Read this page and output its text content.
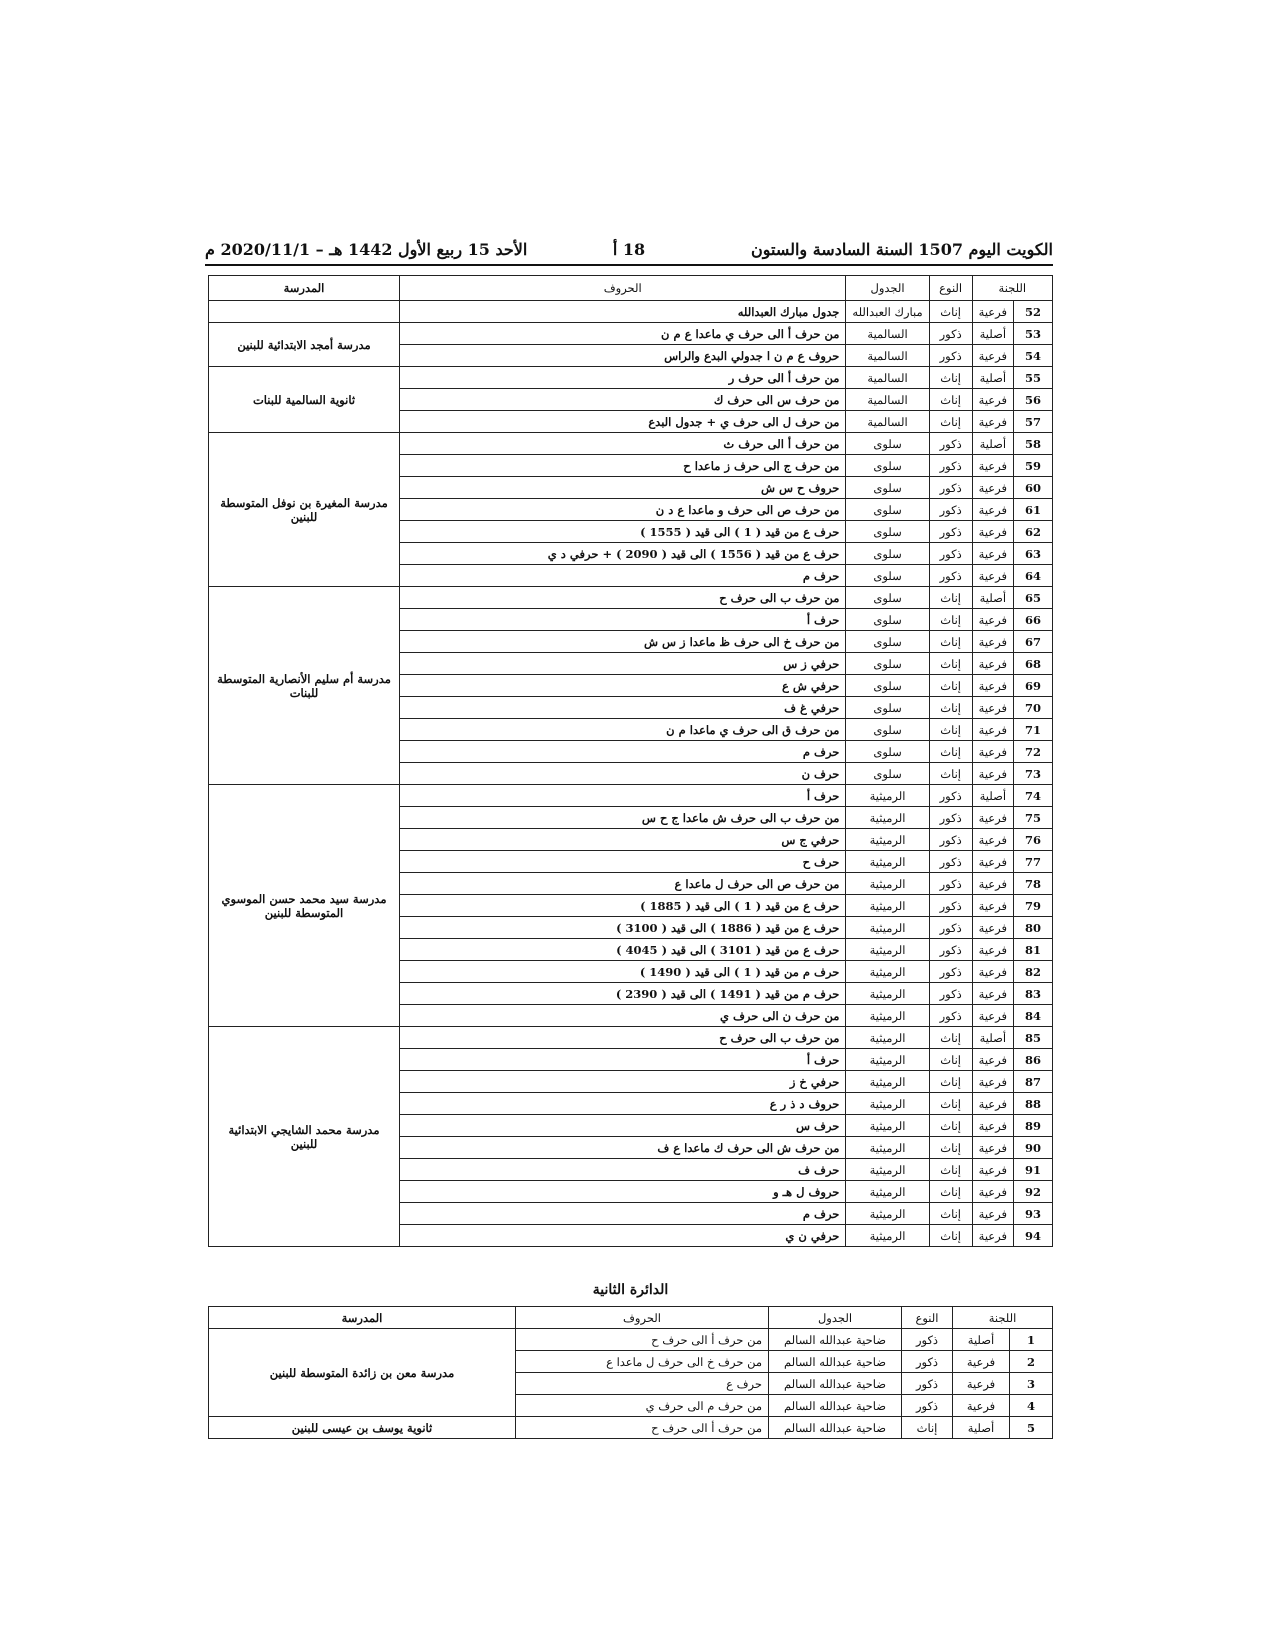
الكويت اليوم 1507 السنة السادسة والستون
18 أ
الأحد 15 ربيع الأول 1442 هـ – 2020/11/1 م
اللجنة		النوع	الجدول	الحروف	المدرسة
52	فرعية	إناث	مبارك العبدالله	جدول مبارك العبدالله	
53	أصلية	ذكور	السالمية	من حرف أ الى حرف ي ماعدا ع م ن	مدرسة أمجد الابتدائية للبنين
54	فرعية	ذكور	السالمية	حروف ع م ن ا جدولي البدع والراس	
55	أصلية	إناث	السالمية	من حرف أ الى حرف ر	ثانوية السالمية للبنات
56	فرعية	إناث	السالمية	من حرف س الى حرف ك	
57	فرعية	إناث	السالمية	من حرف ل الى حرف ي + جدول البدع	
58	أصلية	ذكور	سلوى	من حرف أ الى حرف ث	مدرسة المغيرة بن نوفل المتوسطة للبنين
59	فرعية	ذكور	سلوى	من حرف ج الى حرف ز ماعدا ح	
60	فرعية	ذكور	سلوى	حروف ح س ش	
61	فرعية	ذكور	سلوى	من حرف ص الى حرف و ماعدا ع د ن	
62	فرعية	ذكور	سلوى	حرف ع من قيد ( 1 ) الى قيد ( 1555 )	
63	فرعية	ذكور	سلوى	حرف ع من قيد ( 1556 ) الى قيد ( 2090 ) + حرفي د ي	
64	فرعية	ذكور	سلوى	حرف م	
65	أصلية	إناث	سلوى	من حرف ب الى حرف ح	مدرسة أم سليم الأنصارية المتوسطة للبنات
66	فرعية	إناث	سلوى	حرف أ	
67	فرعية	إناث	سلوى	من حرف خ الى حرف ظ ماعدا ز س ش	
68	فرعية	إناث	سلوى	حرفي ز س	
69	فرعية	إناث	سلوى	حرفي ش ع	
70	فرعية	إناث	سلوى	حرفي غ ف	
71	فرعية	إناث	سلوى	من حرف ق الى حرف ي ماعدا م ن	
72	فرعية	إناث	سلوى	حرف م	
73	فرعية	إناث	سلوى	حرف ن	
74	أصلية	ذكور	الرميثية	حرف أ	مدرسة سيد محمد حسن الموسوي المتوسطة للبنين
75	فرعية	ذكور	الرميثية	من حرف ب الى حرف ش ماعدا ج ح س	
76	فرعية	ذكور	الرميثية	حرفي ج س	
77	فرعية	ذكور	الرميثية	حرف ح	
78	فرعية	ذكور	الرميثية	من حرف ص الى حرف ل ماعدا ع	
79	فرعية	ذكور	الرميثية	حرف ع من قيد ( 1 ) الى قيد ( 1885 )	
80	فرعية	ذكور	الرميثية	حرف ع من قيد ( 1886 ) الى قيد ( 3100 )	
81	فرعية	ذكور	الرميثية	حرف ع من قيد ( 3101 ) الى قيد ( 4045 )	
82	فرعية	ذكور	الرميثية	حرف م من قيد ( 1 ) الى قيد ( 1490 )	
83	فرعية	ذكور	الرميثية	حرف م من قيد ( 1491 ) الى قيد ( 2390 )	
84	فرعية	ذكور	الرميثية	من حرف ن الى حرف ي	
85	أصلية	إناث	الرميثية	من حرف ب الى حرف ح	مدرسة محمد الشايجي الابتدائية للبنين
86	فرعية	إناث	الرميثية	حرف أ	
87	فرعية	إناث	الرميثية	حرفي خ ز	
88	فرعية	إناث	الرميثية	حروف د ذ ر ع	
89	فرعية	إناث	الرميثية	حرف س	
90	فرعية	إناث	الرميثية	من حرف ش الى حرف ك ماعدا ع ف	
91	فرعية	إناث	الرميثية	حرف ف	
92	فرعية	إناث	الرميثية	حروف ل هـ و	
93	فرعية	إناث	الرميثية	حرف م	
94	فرعية	إناث	الرميثية	حرفي ن ي	
الدائرة الثانية
اللجنة		النوع	الجدول	الحروف	المدرسة
1	أصلية	ذكور	ضاحية عبدالله السالم	من حرف أ الى حرف ح	مدرسة معن بن زائدة المتوسطة للبنين
2	فرعية	ذكور	ضاحية عبدالله السالم	من حرف خ الى حرف ل ماعدا ع	
3	فرعية	ذكور	ضاحية عبدالله السالم	حرف ع	
4	فرعية	ذكور	ضاحية عبدالله السالم	من حرف م الى حرف ي	
5	أصلية	إناث	ضاحية عبدالله السالم	من حرف أ الى حرف ح	ثانوية يوسف بن عيسى للبنين
